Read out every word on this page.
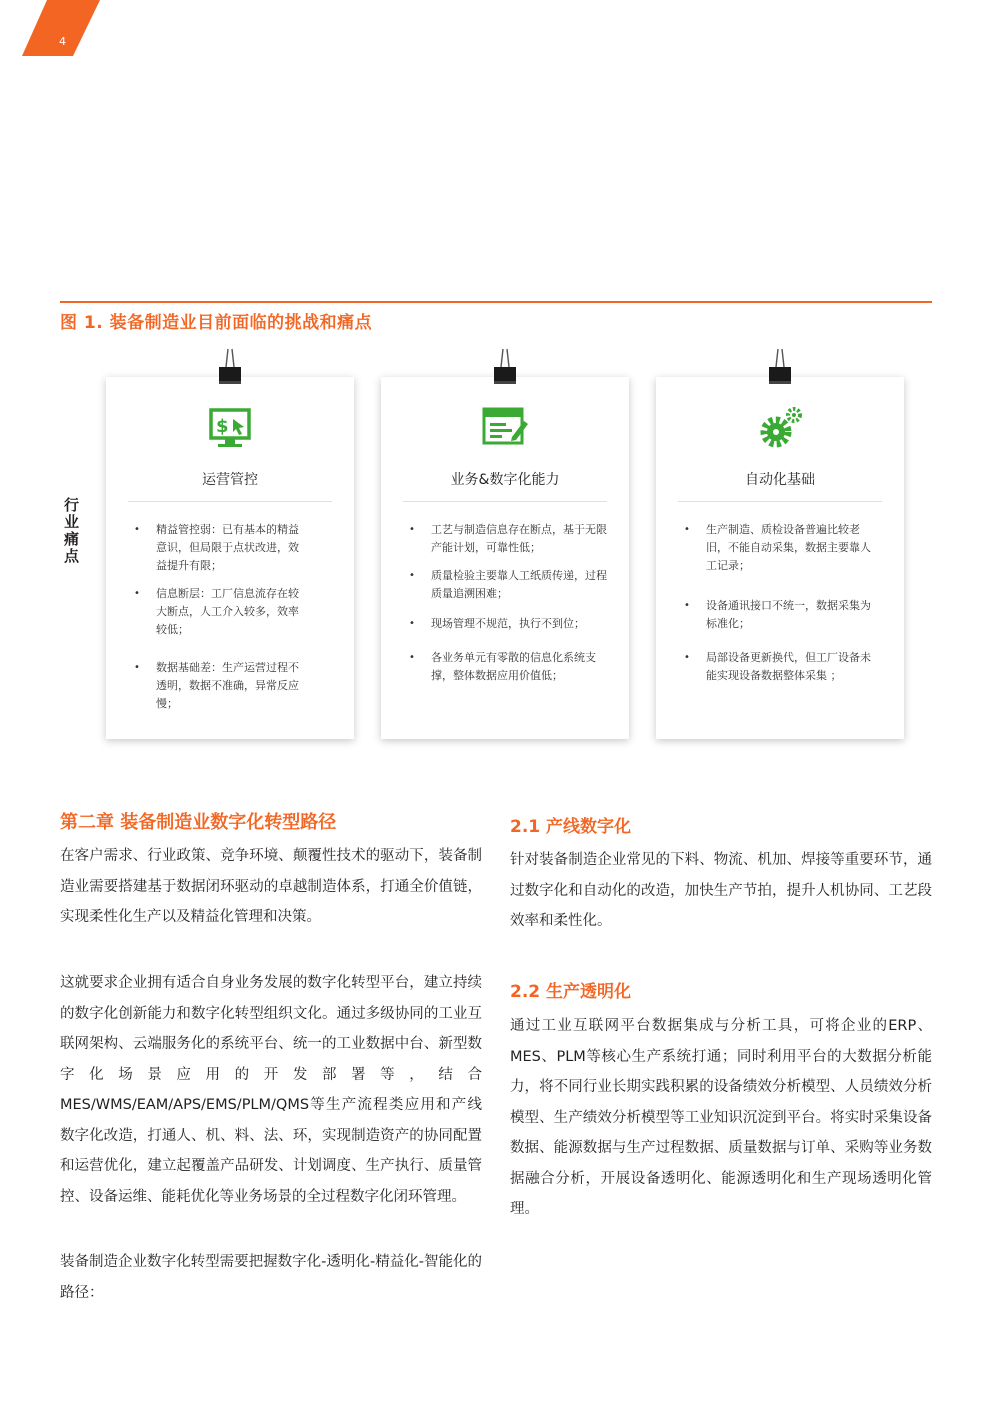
4
图 1. 装备制造业目前面临的挑战和痛点
行业痛点
$
运营管控
• 精益管控弱：已有基本的精益意识，但局限于点状改进，效益提升有限；
• 信息断层：工厂信息流存在较大断点，人工介入较多，效率较低；
• 数据基础差：生产运营过程不透明，数据不准确，异常反应慢；
业务&数字化能力
• 工艺与制造信息存在断点，基于无限产能计划，可靠性低；
• 质量检验主要靠人工纸质传递，过程质量追溯困难；
• 现场管理不规范，执行不到位；
• 各业务单元有零散的信息化系统支撑，整体数据应用价值低；
自动化基础
• 生产制造、质检设备普遍比较老旧，不能自动采集，数据主要靠人工记录；
• 设备通讯接口不统一，数据采集为标准化；
• 局部设备更新换代，但工厂设备未能实现设备数据整体采集 ；
第二章 装备制造业数字化转型路径
在客户需求、行业政策、竞争环境、颠覆性技术的驱动下，装备制造业需要搭建基于数据闭环驱动的卓越制造体系，打通全价值链，实现柔性化生产以及精益化管理和决策。
这就要求企业拥有适合自身业务发展的数字化转型平台，建立持续的数字化创新能力和数字化转型组织文化。通过多级协同的工业互联网架构、云端服务化的系统平台、统一的工业数据中台、新型数字化场景应用的开发部署等，结合MES/WMS/EAM/APS/EMS/PLM/QMS等生产流程类应用和产线数字化改造，打通人、机、料、法、环，实现制造资产的协同配置和运营优化，建立起覆盖产品研发、计划调度、生产执行、质量管控、设备运维、能耗优化等业务场景的全过程数字化闭环管理。
装备制造企业数字化转型需要把握数字化-透明化-精益化-智能化的路径：
2.1 产线数字化
针对装备制造企业常见的下料、物流、机加、焊接等重要环节，通过数字化和自动化的改造，加快生产节拍，提升人机协同、工艺段效率和柔性化。
2.2 生产透明化
通过工业互联网平台数据集成与分析工具，可将企业的ERP、MES、PLM等核心生产系统打通；同时利用平台的大数据分析能力，将不同行业长期实践积累的设备绩效分析模型、人员绩效分析模型、生产绩效分析模型等工业知识沉淀到平台。将实时采集设备数据、能源数据与生产过程数据、质量数据与订单、采购等业务数据融合分析，开展设备透明化、能源透明化和生产现场透明化管理。
